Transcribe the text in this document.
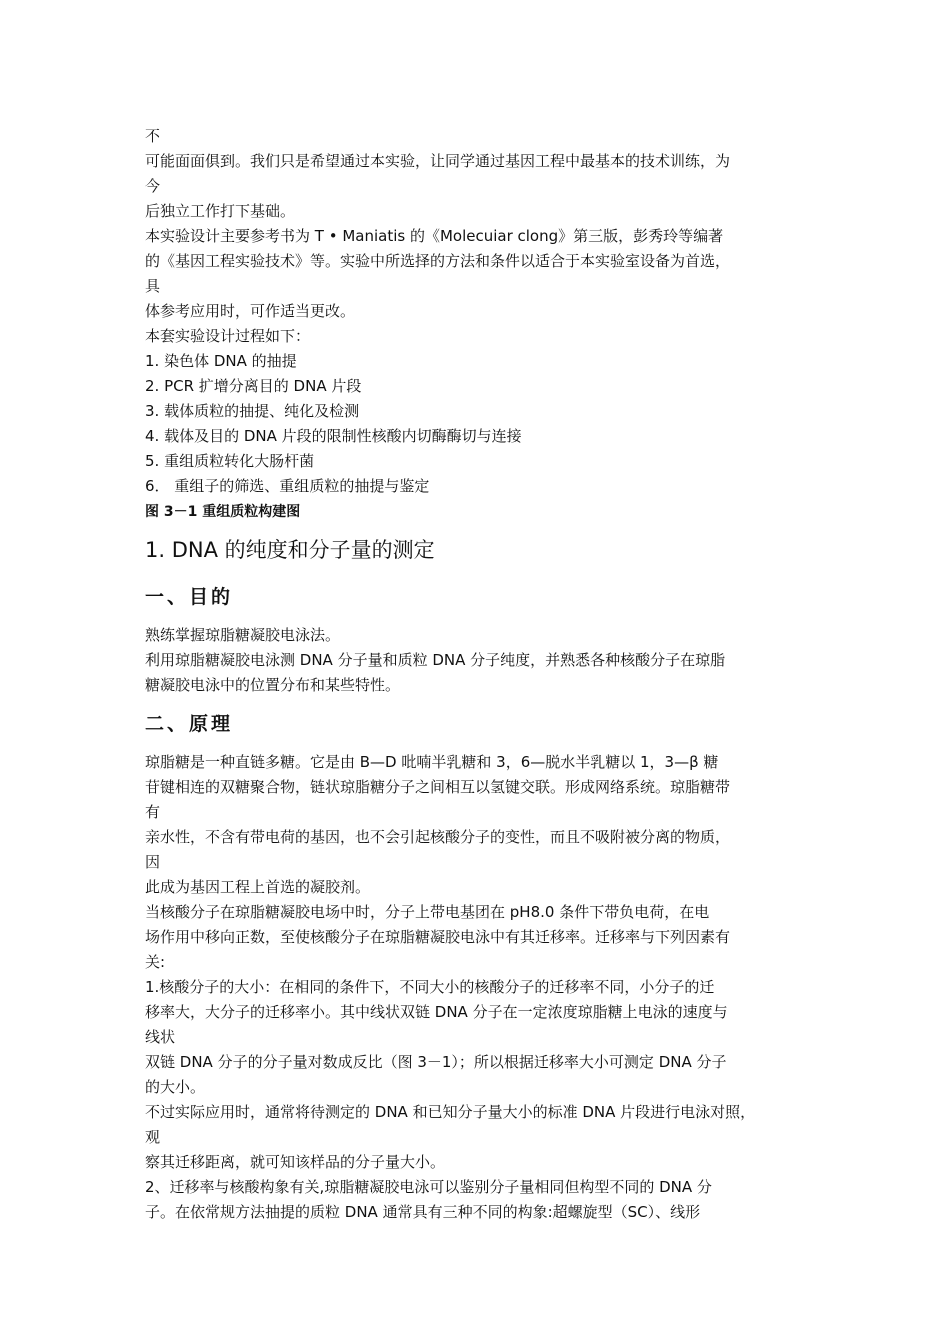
不
可能面面俱到。我们只是希望通过本实验，让同学通过基因工程中最基本的技术训练，为
今
后独立工作打下基础。
本实验设计主要参考书为 T • Maniatis 的《Molecuiar clong》第三版，彭秀玲等编著
的《基因工程实验技术》等。实验中所选择的方法和条件以适合于本实验室设备为首选，
具
体参考应用时，可作适当更改。
本套实验设计过程如下：
1. 染色体 DNA 的抽提
2. PCR 扩增分离目的 DNA 片段
3. 载体质粒的抽提、纯化及检测
4. 载体及目的 DNA 片段的限制性核酸内切酶酶切与连接
5. 重组质粒转化大肠杆菌
6． 重组子的筛选、重组质粒的抽提与鉴定
图 3－1 重组质粒构建图
1. DNA 的纯度和分子量的测定
一、目的
熟练掌握琼脂糖凝胶电泳法。
利用琼脂糖凝胶电泳测 DNA 分子量和质粒 DNA 分子纯度，并熟悉各种核酸分子在琼脂
糖凝胶电泳中的位置分布和某些特性。
二、原理
琼脂糖是一种直链多糖。它是由 B—D 吡喃半乳糖和 3，6—脱水半乳糖以 1，3—β 糖
苷键相连的双糖聚合物，链状琼脂糖分子之间相互以氢键交联。形成网络系统。琼脂糖带
有
亲水性，不含有带电荷的基因，也不会引起核酸分子的变性，而且不吸附被分离的物质，
因
此成为基因工程上首选的凝胶剂。
当核酸分子在琼脂糖凝胶电场中时，分子上带电基团在 pH8.0 条件下带负电荷，在电
场作用中移向正数，至使核酸分子在琼脂糖凝胶电泳中有其迁移率。迁移率与下列因素有
关:
1.核酸分子的大小：在相同的条件下，不同大小的核酸分子的迁移率不同，小分子的迁
移率大，大分子的迁移率小。其中线状双链 DNA 分子在一定浓度琼脂糖上电泳的速度与
线状
双链 DNA 分子的分子量对数成反比（图 3－1）；所以根据迁移率大小可测定 DNA 分子
的大小。
不过实际应用时，通常将待测定的 DNA 和已知分子量大小的标准 DNA 片段进行电泳对照，
观
察其迁移距离，就可知该样品的分子量大小。
2、迁移率与核酸构象有关,琼脂糖凝胶电泳可以鉴别分子量相同但构型不同的 DNA 分
子。在依常规方法抽提的质粒 DNA 通常具有三种不同的构象:超螺旋型（SC）、线形
